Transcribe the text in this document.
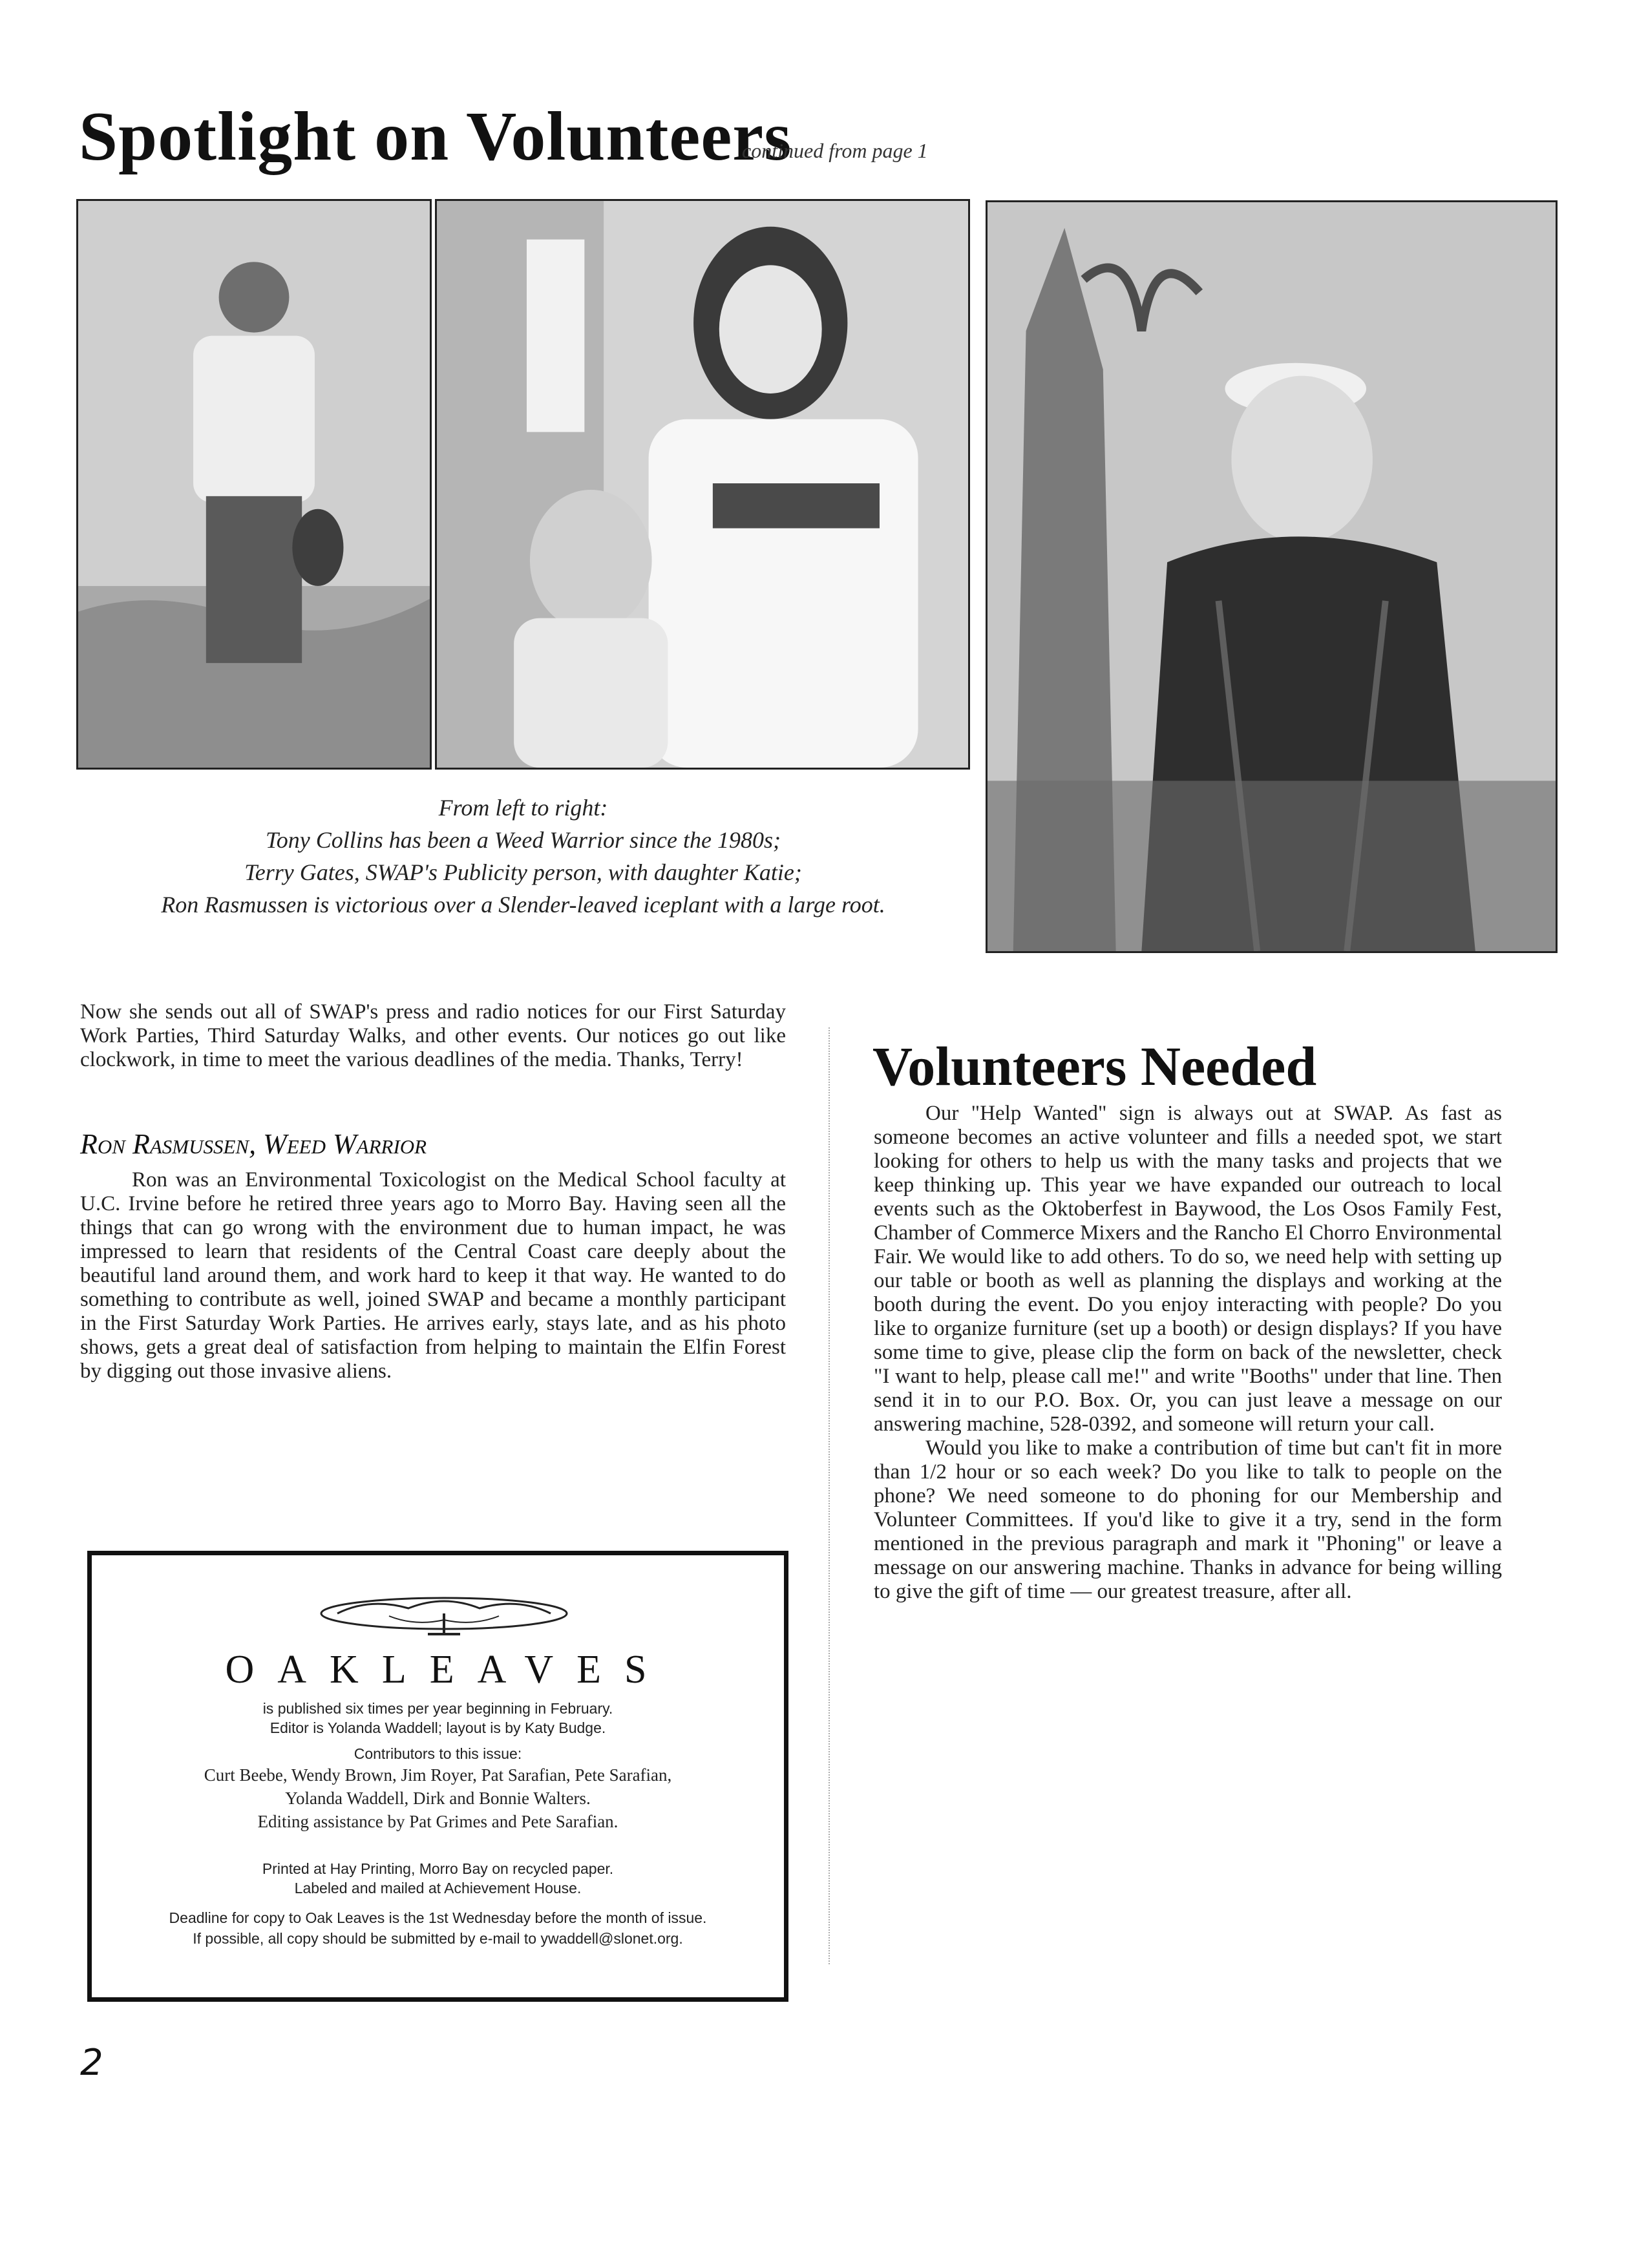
Spotlight on Volunteers
continued from page 1
From left to right:
Tony Collins has been a Weed Warrior since the 1980s;
Terry Gates, SWAP's Publicity person, with daughter Katie;
Ron Rasmussen is victorious over a Slender-leaved iceplant with a large root.
Now she sends out all of SWAP's press and radio notices for our First Saturday Work Parties, Third Saturday Walks, and other events. Our notices go out like clockwork, in time to meet the various deadlines of the media. Thanks, Terry!
Ron Rasmussen, Weed Warrior
Ron was an Environmental Toxicologist on the Medical School faculty at U.C. Irvine before he retired three years ago to Morro Bay. Having seen all the things that can go wrong with the environment due to human impact, he was impressed to learn that residents of the Central Coast care deeply about the beautiful land around them, and work hard to keep it that way. He wanted to do something to contribute as well, joined SWAP and became a monthly participant in the First Saturday Work Parties. He arrives early, stays late, and as his photo shows, gets a great deal of satisfaction from helping to maintain the Elfin Forest by digging out those invasive aliens.
Volunteers Needed

Our "Help Wanted" sign is always out at SWAP. As fast as someone becomes an active volunteer and fills a needed spot, we start looking for others to help us with the many tasks and projects that we keep thinking up. This year we have expanded our outreach to local events such as the Oktoberfest in Baywood, the Los Osos Family Fest, Chamber of Commerce Mixers and the Rancho El Chorro Environmental Fair. We would like to add others. To do so, we need help with setting up our table or booth as well as planning the displays and working at the booth during the event. Do you enjoy interacting with people? Do you like to organize furniture (set up a booth) or design displays? If you have some time to give, please clip the form on back of the newsletter, check "I want to help, please call me!" and write "Booths" under that line. Then send it in to our P.O. Box. Or, you can just leave a message on our answering machine, 528-0392, and someone will return your call.

Would you like to make a contribution of time but can't fit in more than 1/2 hour or so each week? Do you like to talk to people on the phone? We need someone to do phoning for our Membership and Volunteer Committees. If you'd like to give it a try, send in the form mentioned in the previous paragraph and mark it "Phoning" or leave a message on our answering machine. Thanks in advance for being willing to give the gift of time — our greatest treasure, after all.

OAKLEAVES
is published six times per year beginning in February.
Editor is Yolanda Waddell; layout is by Katy Budge.
Contributors to this issue:
Curt Beebe, Wendy Brown, Jim Royer, Pat Sarafian, Pete Sarafian,
Yolanda Waddell, Dirk and Bonnie Walters.
Editing assistance by Pat Grimes and Pete Sarafian.
Printed at Hay Printing, Morro Bay on recycled paper.
Labeled and mailed at Achievement House.
Deadline for copy to Oak Leaves is the 1st Wednesday before the month of issue.
If possible, all copy should be submitted by e-mail to ywaddell@slonet.org.
2
